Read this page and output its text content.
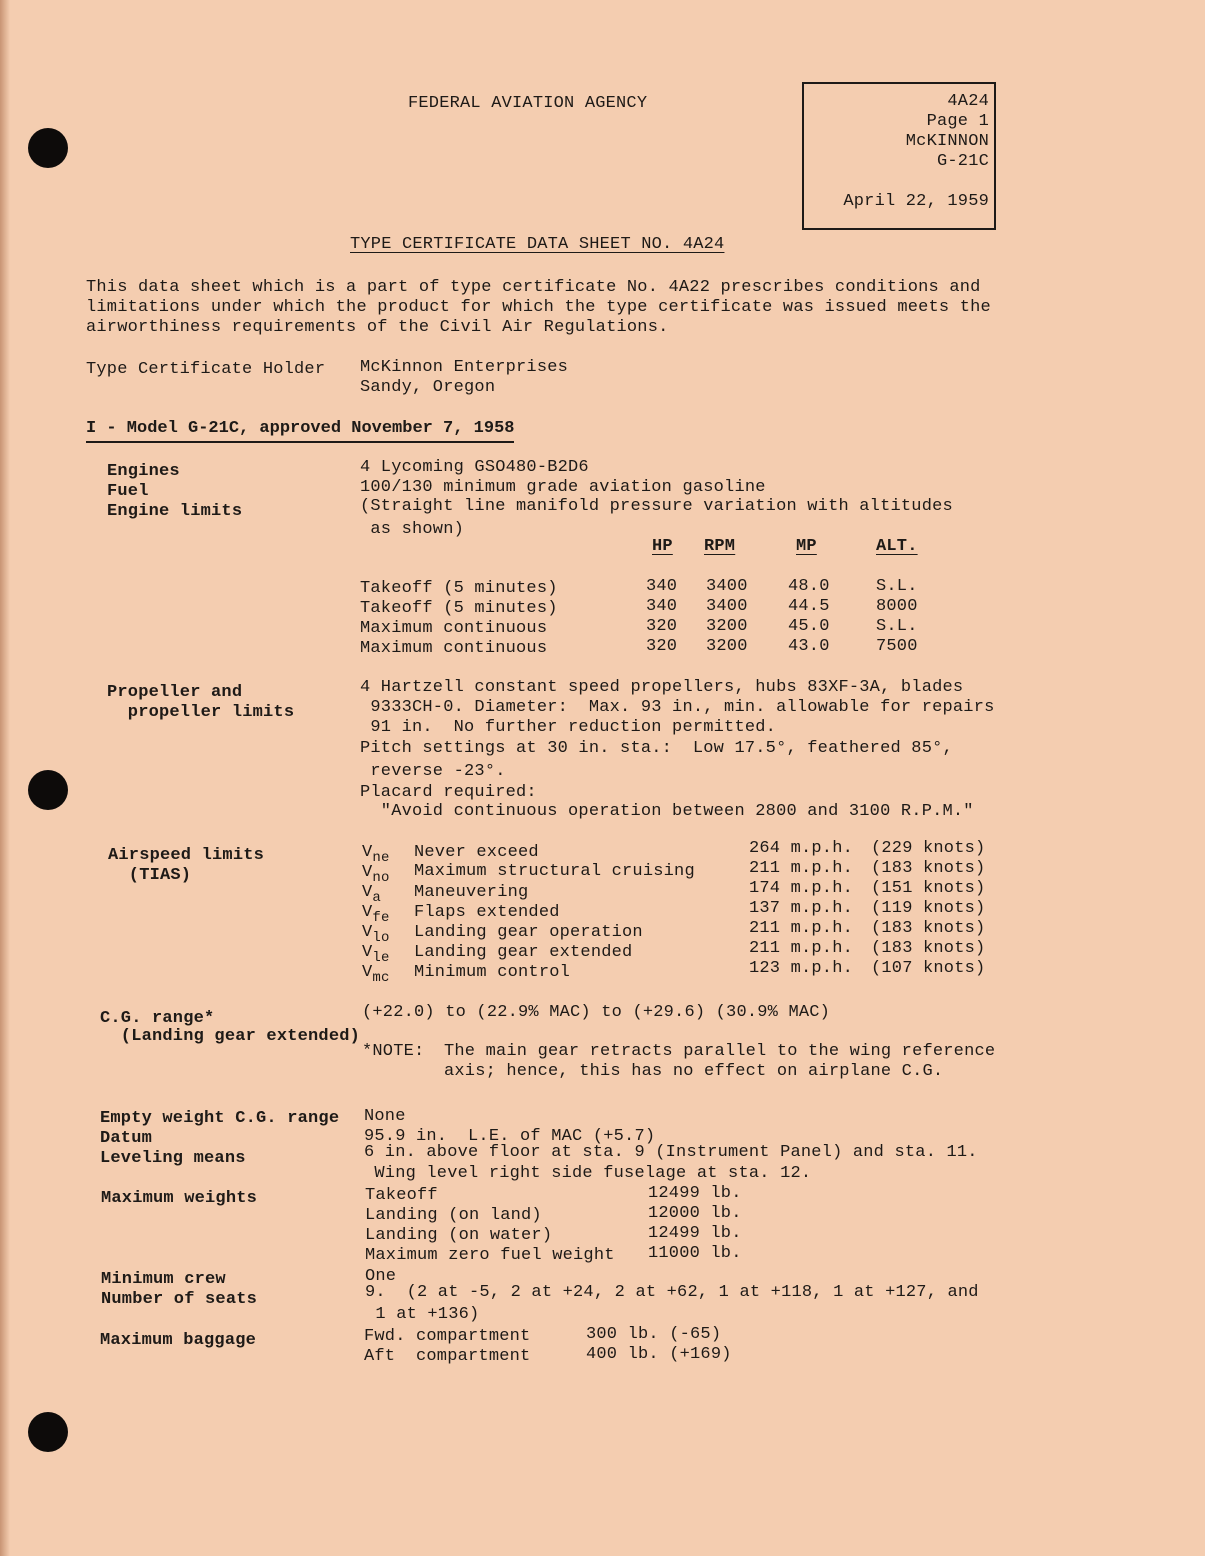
FEDERAL AVIATION AGENCY	4A24
Page 1
McKINNON
G-21C
April 22, 1959
TYPE CERTIFICATE DATA SHEET NO. 4A24
This data sheet which is a part of type certificate No. 4A22 prescribes conditions and
limitations under which the product for which the type certificate was issued meets the
airworthiness requirements of the Civil Air Regulations.
Type Certificate Holder McKinnon Enterprises
Sandy, Oregon
I - Model G-21C, approved November 7, 1958
Engines	4 Lycoming GSO480-B2D6
Fuel	100/130 minimum grade aviation gasoline
Engine limits	(Straight line manifold pressure variation with altitudes
as shown)
HP RPM	MP	ALT.
Takeoff (5 minutes)	340 3400 48.0	S.L.
Takeoff (5 minutes)	340 3400 44.5	8000
Maximum continuous	320 3200 45.0	S.L.
Maximum continuous	320 3200 43.0	7500
Propeller and
propeller limits
4 Hartzell constant speed propellers, hubs 83XF-3A, blades
9333CH-0. Diameter:  Max. 93 in., min. allowable for repairs
91 in.  No further reduction permitted.
Pitch settings at 30 in. sta.:  Low 17.5°, feathered 85°,
reverse -23°.
Placard required:
"Avoid continuous operation between 2800 and 3100 R.P.M."
Airspeed limits
(TIAS)
$V_{ne}$ Never exceed	264 m.p.h. (229 knots)
$V_{no}$ Maximum structural cruising	211 m.p.h. (183 knots)
$V_a$ Maneuvering	174 m.p.h. (151 knots)
$V_{fe}$ Flaps extended	137 m.p.h. (119 knots)
$V_{lo}$ Landing gear operation	211 m.p.h. (183 knots)
$V_{le}$ Landing gear extended	211 m.p.h. (183 knots)
$V_{mc}$ Minimum control	123 m.p.h. (107 knots)
C.G. range*
(Landing gear extended)
(+22.0) to (22.9% MAC) to (+29.6) (30.9% MAC)
*NOTE: The main gear retracts parallel to the wing reference
axis; hence, this has no effect on airplane C.G.
Empty weight C.G. range None
Datum	95.9 in.  L.E. of MAC (+5.7)
Leveling means	6 in. above floor at sta. 9 (Instrument Panel) and sta. 11.
Wing level right side fuselage at sta. 12.
Maximum weights	Takeoff	12499 lb.
Landing (on land)	12000 lb.
Landing (on water)	12499 lb.
Maximum zero fuel weight 11000 lb.
Minimum crew	One
Number of seats	9.  (2 at -5, 2 at +24, 2 at +62, 1 at +118, 1 at +127, and
1 at +136)
Maximum baggage	Fwd. compartment	300 lb. (-65)
Aft  compartment	400 lb. (+169)
